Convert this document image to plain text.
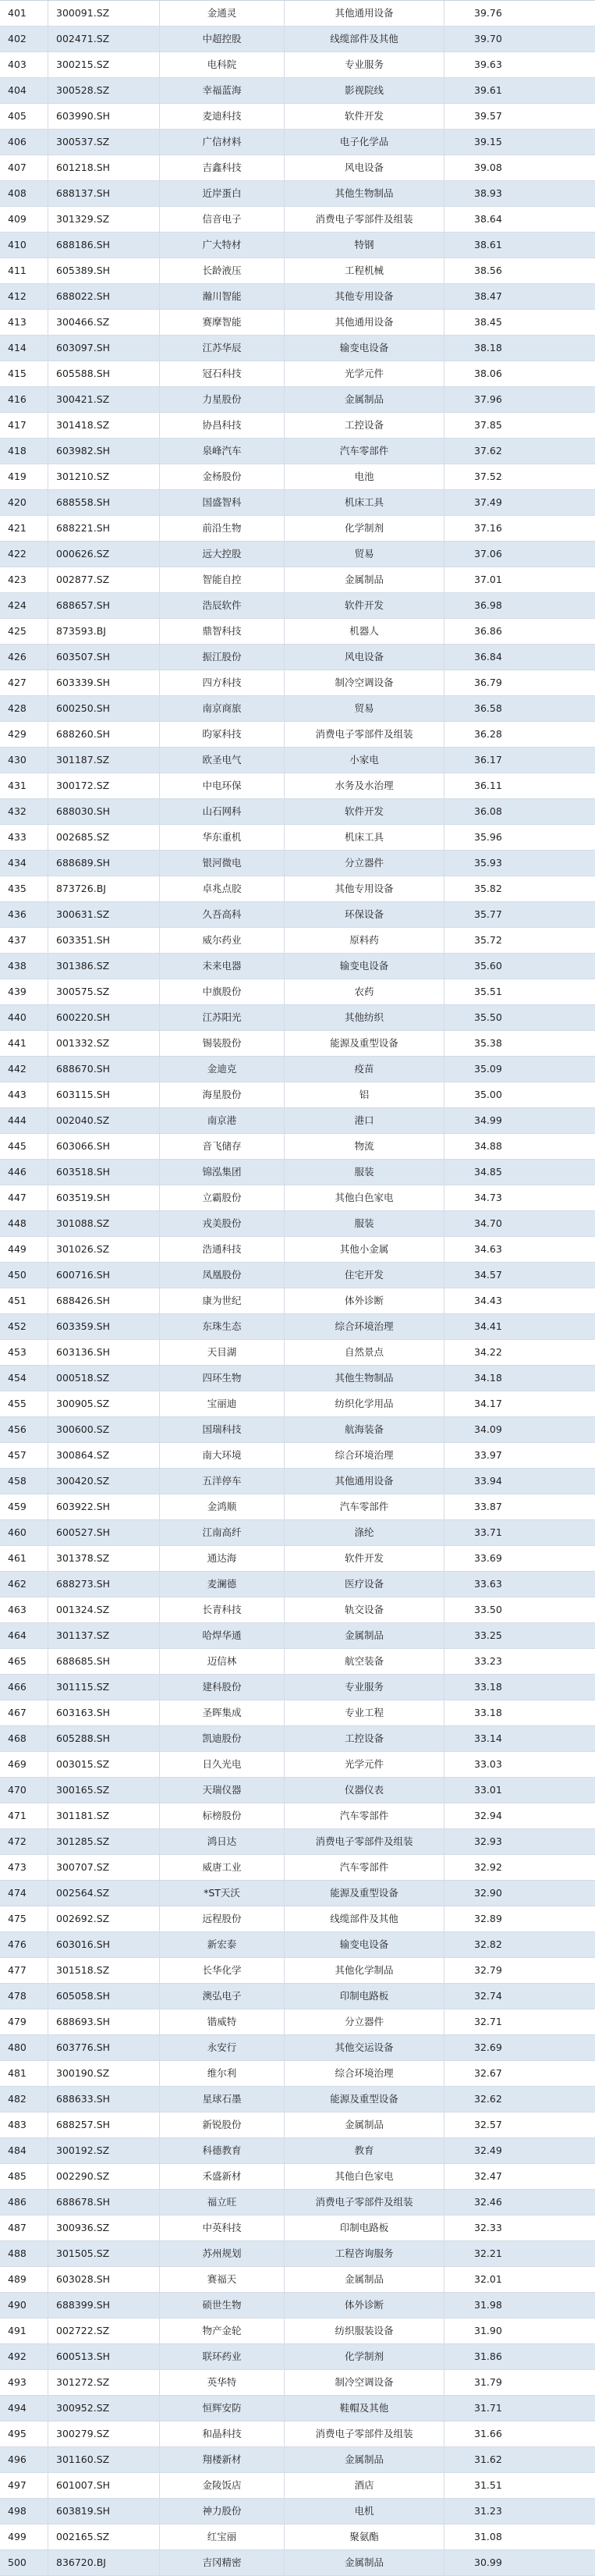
401	300091.SZ	金通灵	其他通用设备	39.76
402	002471.SZ	中超控股	线缆部件及其他	39.70
403	300215.SZ	电科院	专业服务	39.63
404	300528.SZ	幸福蓝海	影视院线	39.61
405	603990.SH	麦迪科技	软件开发	39.57
406	300537.SZ	广信材料	电子化学品	39.15
407	601218.SH	吉鑫科技	风电设备	39.08
408	688137.SH	近岸蛋白	其他生物制品	38.93
409	301329.SZ	信音电子	消费电子零部件及组装	38.64
410	688186.SH	广大特材	特钢	38.61
411	605389.SH	长龄液压	工程机械	38.56
412	688022.SH	瀚川智能	其他专用设备	38.47
413	300466.SZ	赛摩智能	其他通用设备	38.45
414	603097.SH	江苏华辰	输变电设备	38.18
415	605588.SH	冠石科技	光学元件	38.06
416	300421.SZ	力星股份	金属制品	37.96
417	301418.SZ	协昌科技	工控设备	37.85
418	603982.SH	泉峰汽车	汽车零部件	37.62
419	301210.SZ	金杨股份	电池	37.52
420	688558.SH	国盛智科	机床工具	37.49
421	688221.SH	前沿生物	化学制剂	37.16
422	000626.SZ	远大控股	贸易	37.06
423	002877.SZ	智能自控	金属制品	37.01
424	688657.SH	浩辰软件	软件开发	36.98
425	873593.BJ	鼎智科技	机器人	36.86
426	603507.SH	振江股份	风电设备	36.84
427	603339.SH	四方科技	制冷空调设备	36.79
428	600250.SH	南京商旅	贸易	36.58
429	688260.SH	昀冢科技	消费电子零部件及组装	36.28
430	301187.SZ	欧圣电气	小家电	36.17
431	300172.SZ	中电环保	水务及水治理	36.11
432	688030.SH	山石网科	软件开发	36.08
433	002685.SZ	华东重机	机床工具	35.96
434	688689.SH	银河微电	分立器件	35.93
435	873726.BJ	卓兆点胶	其他专用设备	35.82
436	300631.SZ	久吾高科	环保设备	35.77
437	603351.SH	威尔药业	原料药	35.72
438	301386.SZ	未来电器	输变电设备	35.60
439	300575.SZ	中旗股份	农药	35.51
440	600220.SH	江苏阳光	其他纺织	35.50
441	001332.SZ	锡装股份	能源及重型设备	35.38
442	688670.SH	金迪克	疫苗	35.09
443	603115.SH	海星股份	铝	35.00
444	002040.SZ	南京港	港口	34.99
445	603066.SH	音飞储存	物流	34.88
446	603518.SH	锦泓集团	服装	34.85
447	603519.SH	立霸股份	其他白色家电	34.73
448	301088.SZ	戎美股份	服装	34.70
449	301026.SZ	浩通科技	其他小金属	34.63
450	600716.SH	凤凰股份	住宅开发	34.57
451	688426.SH	康为世纪	体外诊断	34.43
452	603359.SH	东珠生态	综合环境治理	34.41
453	603136.SH	天目湖	自然景点	34.22
454	000518.SZ	四环生物	其他生物制品	34.18
455	300905.SZ	宝丽迪	纺织化学用品	34.17
456	300600.SZ	国瑞科技	航海装备	34.09
457	300864.SZ	南大环境	综合环境治理	33.97
458	300420.SZ	五洋停车	其他通用设备	33.94
459	603922.SH	金鸿顺	汽车零部件	33.87
460	600527.SH	江南高纤	涤纶	33.71
461	301378.SZ	通达海	软件开发	33.69
462	688273.SH	麦澜德	医疗设备	33.63
463	001324.SZ	长青科技	轨交设备	33.50
464	301137.SZ	哈焊华通	金属制品	33.25
465	688685.SH	迈信林	航空装备	33.23
466	301115.SZ	建科股份	专业服务	33.18
467	603163.SH	圣晖集成	专业工程	33.18
468	605288.SH	凯迪股份	工控设备	33.14
469	003015.SZ	日久光电	光学元件	33.03
470	300165.SZ	天瑞仪器	仪器仪表	33.01
471	301181.SZ	标榜股份	汽车零部件	32.94
472	301285.SZ	鸿日达	消费电子零部件及组装	32.93
473	300707.SZ	威唐工业	汽车零部件	32.92
474	002564.SZ	*ST天沃	能源及重型设备	32.90
475	002692.SZ	远程股份	线缆部件及其他	32.89
476	603016.SH	新宏泰	输变电设备	32.82
477	301518.SZ	长华化学	其他化学制品	32.79
478	605058.SH	澳弘电子	印制电路板	32.74
479	688693.SH	锴威特	分立器件	32.71
480	603776.SH	永安行	其他交运设备	32.69
481	300190.SZ	维尔利	综合环境治理	32.67
482	688633.SH	星球石墨	能源及重型设备	32.62
483	688257.SH	新锐股份	金属制品	32.57
484	300192.SZ	科德教育	教育	32.49
485	002290.SZ	禾盛新材	其他白色家电	32.47
486	688678.SH	福立旺	消费电子零部件及组装	32.46
487	300936.SZ	中英科技	印制电路板	32.33
488	301505.SZ	苏州规划	工程咨询服务	32.21
489	603028.SH	赛福天	金属制品	32.01
490	688399.SH	硕世生物	体外诊断	31.98
491	002722.SZ	物产金轮	纺织服装设备	31.90
492	600513.SH	联环药业	化学制剂	31.86
493	301272.SZ	英华特	制冷空调设备	31.79
494	300952.SZ	恒辉安防	鞋帽及其他	31.71
495	300279.SZ	和晶科技	消费电子零部件及组装	31.66
496	301160.SZ	翔楼新材	金属制品	31.62
497	601007.SH	金陵饭店	酒店	31.51
498	603819.SH	神力股份	电机	31.23
499	002165.SZ	红宝丽	聚氨酯	31.08
500	836720.BJ	吉冈精密	金属制品	30.99
